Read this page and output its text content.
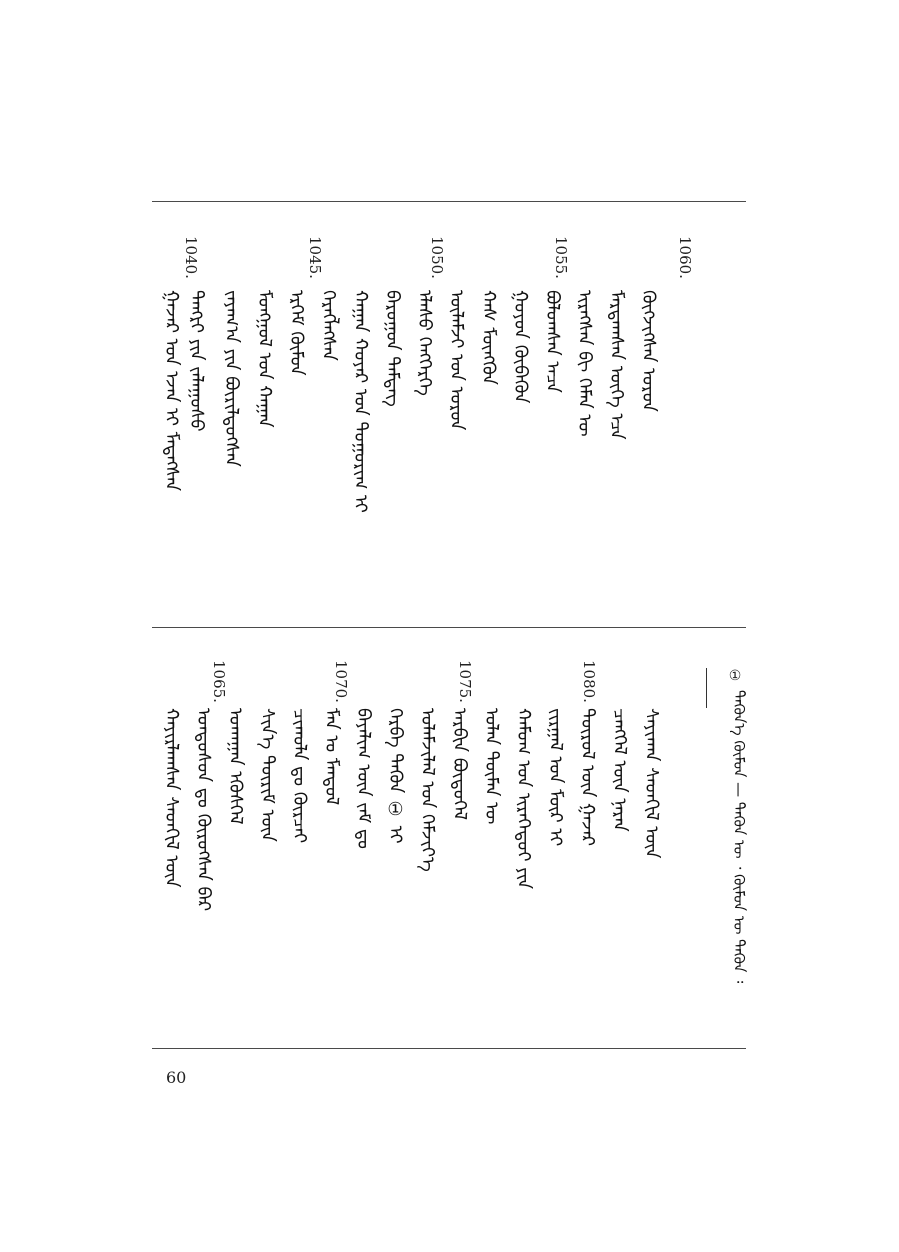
1040.	1045.	1050.	1055.	1060.
ᠭᠠᠵᠠᠷ ᠤᠨ ᠡᠵᠡᠨ ᠢ ᠮᠡᠳᠡᠭᠰᠡᠨ ᠲᠡᠩᠷᠢ ᠶᠢᠨ ᠵᠠᠯᠠᠭᠤᠰᠤ ᠵᠠᠶᠠᠭ᠎ᠠ ᠶᠢᠨ ᠪᠦᠷᠢᠯᠳᠦᠭᠰᠡᠨ ᠮᠣᠩᠭᠣᠯ ᠤᠨ ᠬᠠᠭᠠᠨ ᠡᠷᠬᠡᠮ ᠬᠦᠮᠦᠨ ᠬᠡᠷᠡᠭᠯᠡᠭᠰᠡᠨ ᠬᠠᠭᠠᠨ ᠬᠣᠶᠠᠷ ᠤᠨ ᠲᠣᠭᠣᠷᠢᠭ ᠢ ᠪᠠᠷᠤᠭᠤᠨ ᠲᠡᠮᠳᠡᠭ ᠡᠯᠡᠰᠦ ᠬᠡᠩᠭᠡᠷᠭᠡ ᠦᠯᠡᠮᠵᠢ ᠤᠨ ᠣᠷᠣᠨ ᠬᠠᠰ ᠮᠥᠩᠭᠦᠨ ᠭᠤᠶᠤᠨ ᠬᠥᠪᠡᠭᠦᠨ ᠪᠣᠯᠤᠭᠰᠠᠨ ᠠᠴᠠ ᠢᠷᠡᠭᠰᠡᠨ ᠪᠢ ᠬᠡᠮᠡᠨ ᠦ ᠮᠠᠷᠲᠠᠭᠰᠠᠨ ᠦᠭᠡ ᠡᠴᠡ ᠬᠥᠭᠵᠢᠭᠰᠡᠨ ᠣᠷᠣᠨ
1065.	1070.	1075.	1080.
ᠬᠠᠶᠢᠷᠯᠠᠭᠰᠠᠨ ᠰᠡᠳᠬᠢᠯ ᠦᠨ ᠤᠨᠳᠤᠰᠤᠨ ᠳᠤ ᠬᠦᠷᠦᠭᠰᠡᠨ ᠪᠡᠷ ᠤᠬᠠᠭᠠᠨ ᠡᠭᠦᠰᠭᠡᠯ ᠰᠢᠨ᠎ᠡ ᠳᠦᠷᠢᠮ ᠦᠨ ᠴᠢᠬᠤᠯᠠ ᠳᠤ ᠬᠦᠷᠴᠡᠢ ᠮᠠᠨ ᠤ ᠮᠠᠨᠳᠤᠯ ᠪᠠᠶᠠᠯᠢᠭ ᠦᠨ ᠵᠠᠮ ᠳᠤ ᠬᠡᠷᠪᠡ ᠲᠡᠭᠦᠨ ① ᠢ ᠤᠯᠠᠮᠵᠢᠯᠠᠯ ᠤᠨ ᠬᠡᠮᠵᠢᠶ᠎ᠡ ᠠᠷᠪᠢᠨ ᠪᠦᠲᠦᠭᠡᠯ ᠣᠯᠠᠨ ᠲᠦᠮᠡᠨ ᠦ ᠬᠠᠮᠤᠭ ᠤᠨ ᠢᠷᠡᠭᠡᠳᠦᠢ ᠶᠢᠨ ᠵᠢᠷᠭᠠᠯ ᠤᠨ ᠮᠥᠷ ᠢ ᠲᠥᠷᠦᠯ ᠦᠨ ᠭᠠᠵᠠᠷ ᠴᠡᠩᠭᠡᠯ ᠦᠨ ᠨᠠᠷᠠᠨ ᠰᠠᠶᠢᠬᠠᠨ ᠰᠡᠳᠬᠢᠯ ᠦᠨ
①
ᠲᠡᠭᠦᠨ᠎ᠡ ᠬᠦᠮᠦᠨ — ᠲᠡᠭᠦᠨ ᠦ ᠂ ᠬᠦᠮᠦᠨ ᠦ ᠲᠡᠭᠦᠨ ᠄
60
